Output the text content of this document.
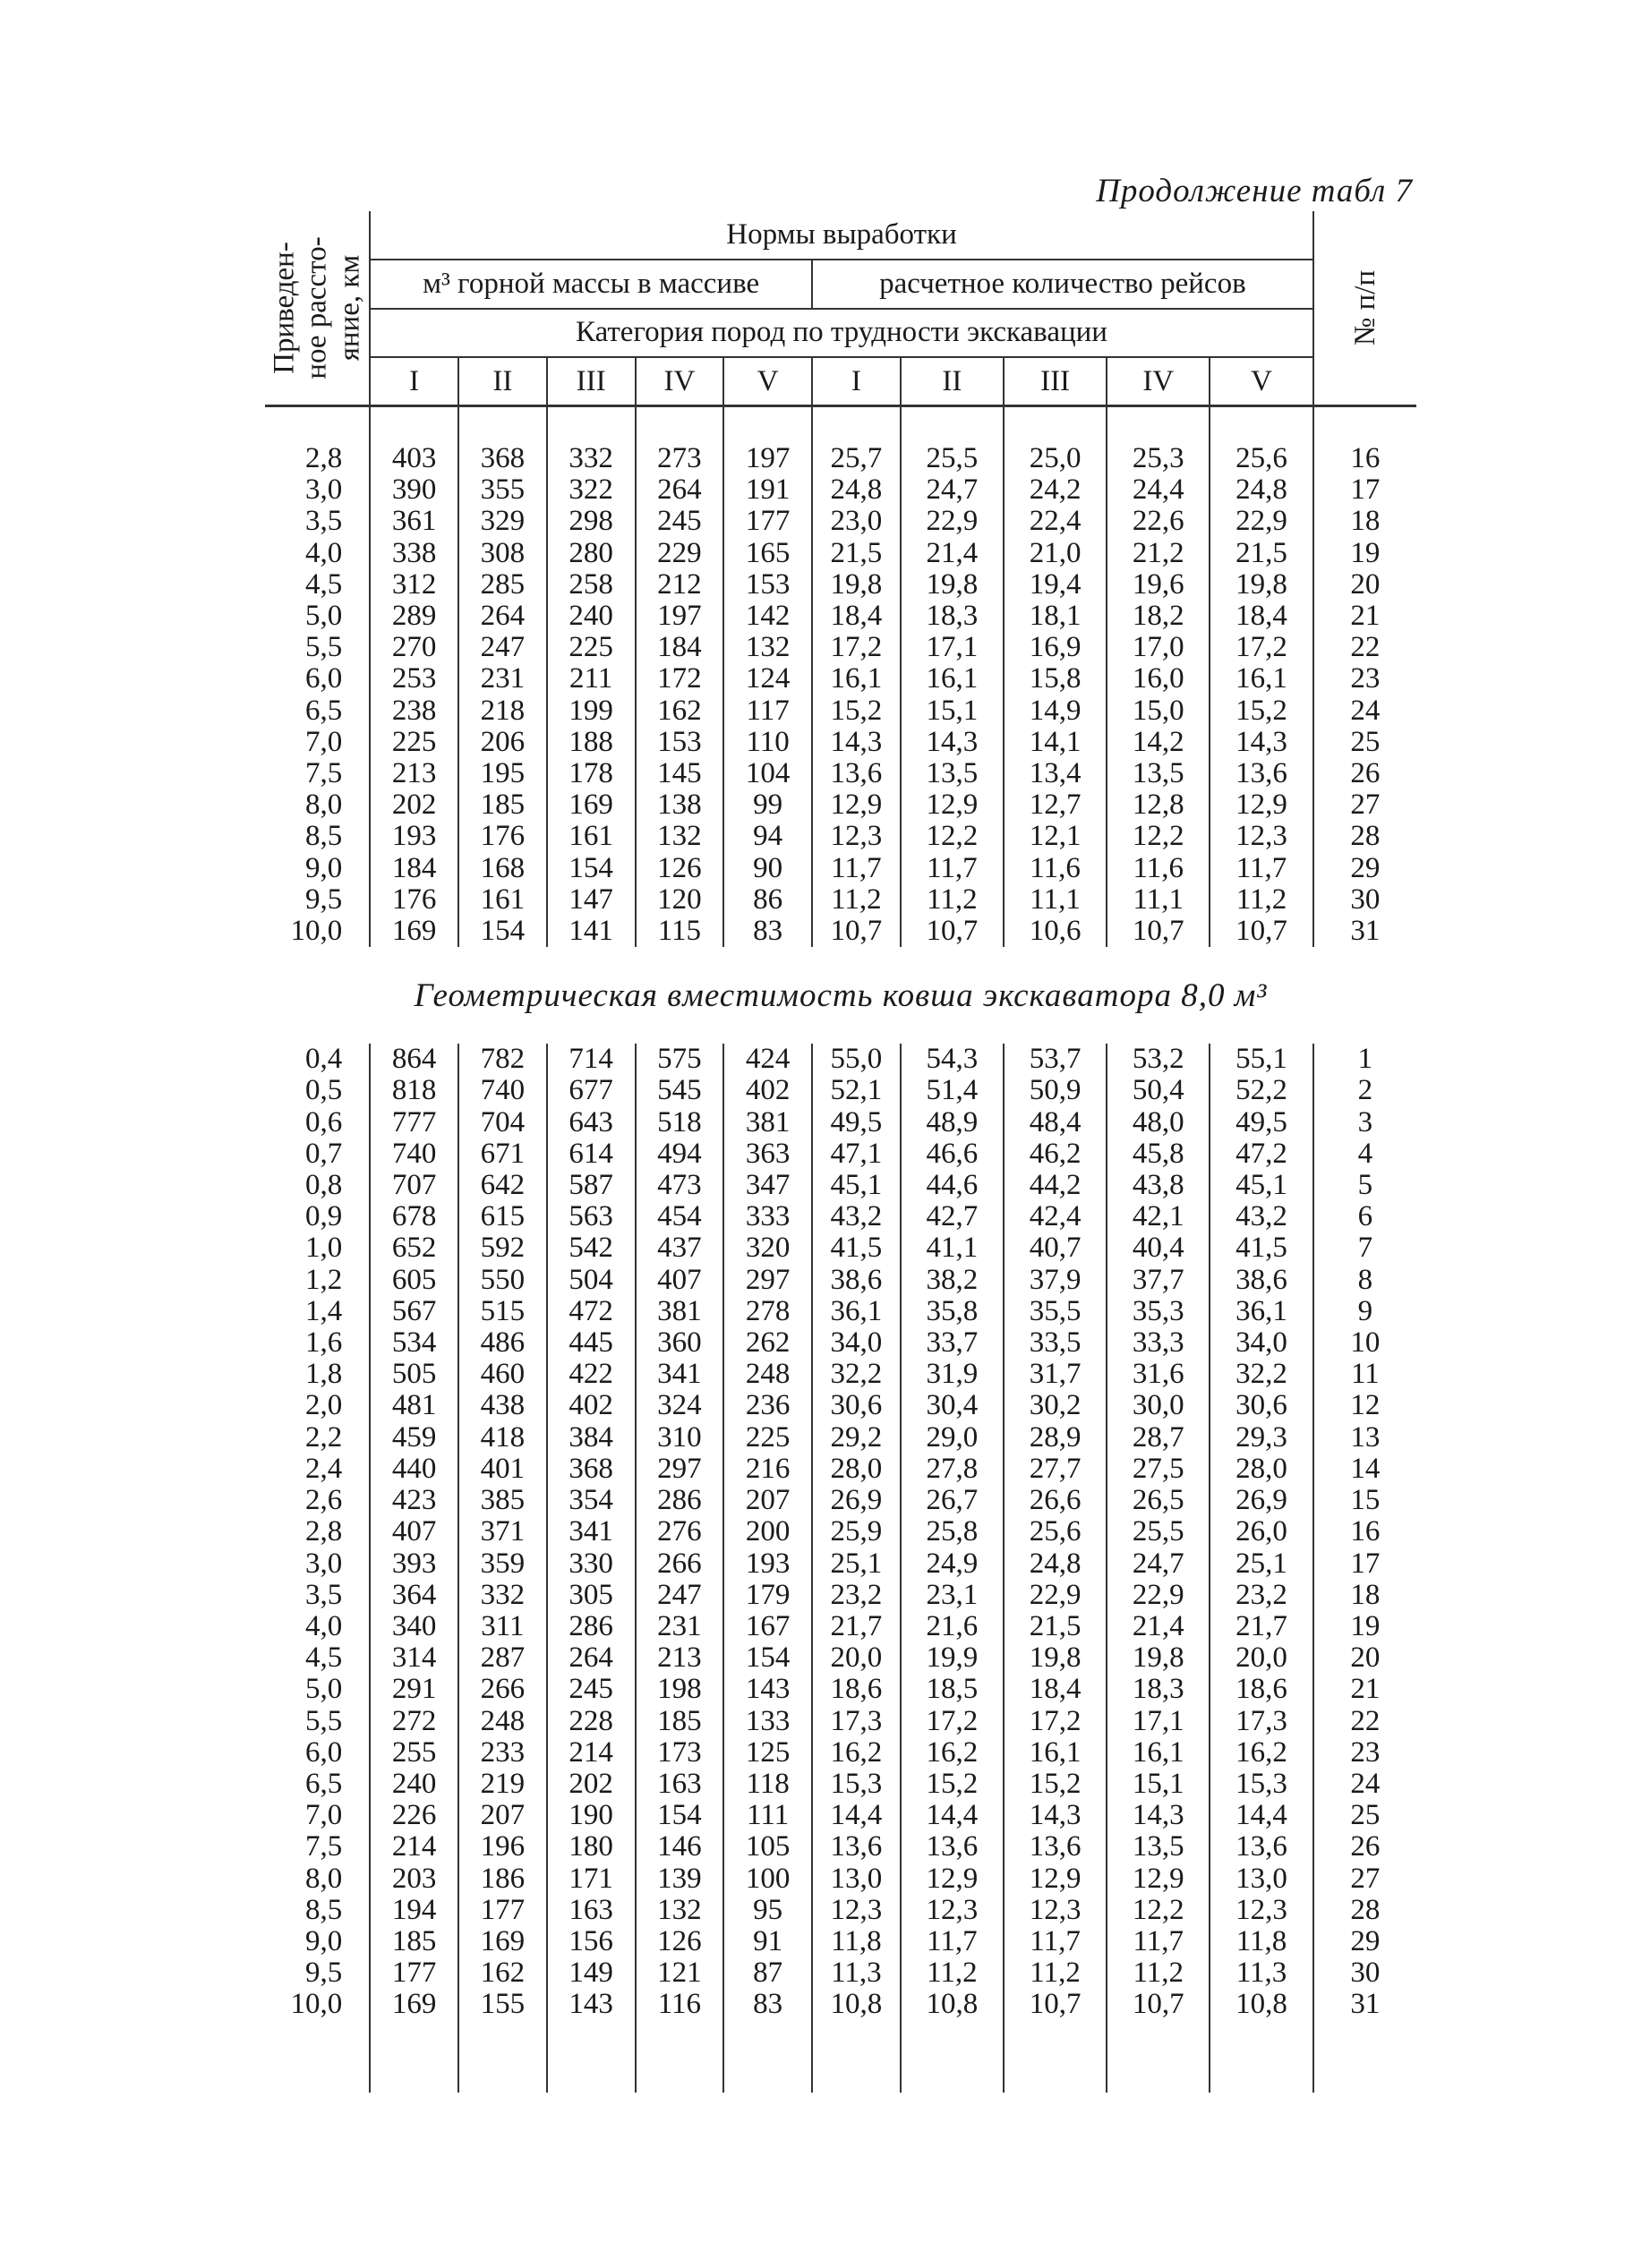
Продолжение табл 7
Приведен- ное рассто- яние, км	Нормы выработки										№ п/п

	м³ горной массы в массиве					расчетное количество рейсов					
	Категория пород по трудности экскавации										
	I	II	III	IV	V	I	II	III	IV	V	

2,8	403	368	332	273	197	25,7	25,5	25,0	25,3	25,6	16
3,0	390	355	322	264	191	24,8	24,7	24,2	24,4	24,8	17
3,5	361	329	298	245	177	23,0	22,9	22,4	22,6	22,9	18
4,0	338	308	280	229	165	21,5	21,4	21,0	21,2	21,5	19
4,5	312	285	258	212	153	19,8	19,8	19,4	19,6	19,8	20
5,0	289	264	240	197	142	18,4	18,3	18,1	18,2	18,4	21
5,5	270	247	225	184	132	17,2	17,1	16,9	17,0	17,2	22
6,0	253	231	211	172	124	16,1	16,1	15,8	16,0	16,1	23
6,5	238	218	199	162	117	15,2	15,1	14,9	15,0	15,2	24
7,0	225	206	188	153	110	14,3	14,3	14,1	14,2	14,3	25
7,5	213	195	178	145	104	13,6	13,5	13,4	13,5	13,6	26
8,0	202	185	169	138	99	12,9	12,9	12,7	12,8	12,9	27
8,5	193	176	161	132	94	12,3	12,2	12,1	12,2	12,3	28
9,0	184	168	154	126	90	11,7	11,7	11,6	11,6	11,7	29
9,5	176	161	147	120	86	11,2	11,2	11,1	11,1	11,2	30
10,0	169	154	141	115	83	10,7	10,7	10,6	10,7	10,7	31
Геометрическая вместимость ковша экскаватора 8,0 м³											
0,4	864	782	714	575	424	55,0	54,3	53,7	53,2	55,1	1
0,5	818	740	677	545	402	52,1	51,4	50,9	50,4	52,2	2
0,6	777	704	643	518	381	49,5	48,9	48,4	48,0	49,5	3
0,7	740	671	614	494	363	47,1	46,6	46,2	45,8	47,2	4
0,8	707	642	587	473	347	45,1	44,6	44,2	43,8	45,1	5
0,9	678	615	563	454	333	43,2	42,7	42,4	42,1	43,2	6
1,0	652	592	542	437	320	41,5	41,1	40,7	40,4	41,5	7
1,2	605	550	504	407	297	38,6	38,2	37,9	37,7	38,6	8
1,4	567	515	472	381	278	36,1	35,8	35,5	35,3	36,1	9
1,6	534	486	445	360	262	34,0	33,7	33,5	33,3	34,0	10
1,8	505	460	422	341	248	32,2	31,9	31,7	31,6	32,2	11
2,0	481	438	402	324	236	30,6	30,4	30,2	30,0	30,6	12
2,2	459	418	384	310	225	29,2	29,0	28,9	28,7	29,3	13
2,4	440	401	368	297	216	28,0	27,8	27,7	27,5	28,0	14
2,6	423	385	354	286	207	26,9	26,7	26,6	26,5	26,9	15
2,8	407	371	341	276	200	25,9	25,8	25,6	25,5	26,0	16
3,0	393	359	330	266	193	25,1	24,9	24,8	24,7	25,1	17
3,5	364	332	305	247	179	23,2	23,1	22,9	22,9	23,2	18
4,0	340	311	286	231	167	21,7	21,6	21,5	21,4	21,7	19
4,5	314	287	264	213	154	20,0	19,9	19,8	19,8	20,0	20
5,0	291	266	245	198	143	18,6	18,5	18,4	18,3	18,6	21
5,5	272	248	228	185	133	17,3	17,2	17,2	17,1	17,3	22
6,0	255	233	214	173	125	16,2	16,2	16,1	16,1	16,2	23
6,5	240	219	202	163	118	15,3	15,2	15,2	15,1	15,3	24
7,0	226	207	190	154	111	14,4	14,4	14,3	14,3	14,4	25
7,5	214	196	180	146	105	13,6	13,6	13,6	13,5	13,6	26
8,0	203	186	171	139	100	13,0	12,9	12,9	12,9	13,0	27
8,5	194	177	163	132	95	12,3	12,3	12,3	12,2	12,3	28
9,0	185	169	156	126	91	11,8	11,7	11,7	11,7	11,8	29
9,5	177	162	149	121	87	11,3	11,2	11,2	11,2	11,3	30
10,0	169	155	143	116	83	10,8	10,8	10,7	10,7	10,8	31
